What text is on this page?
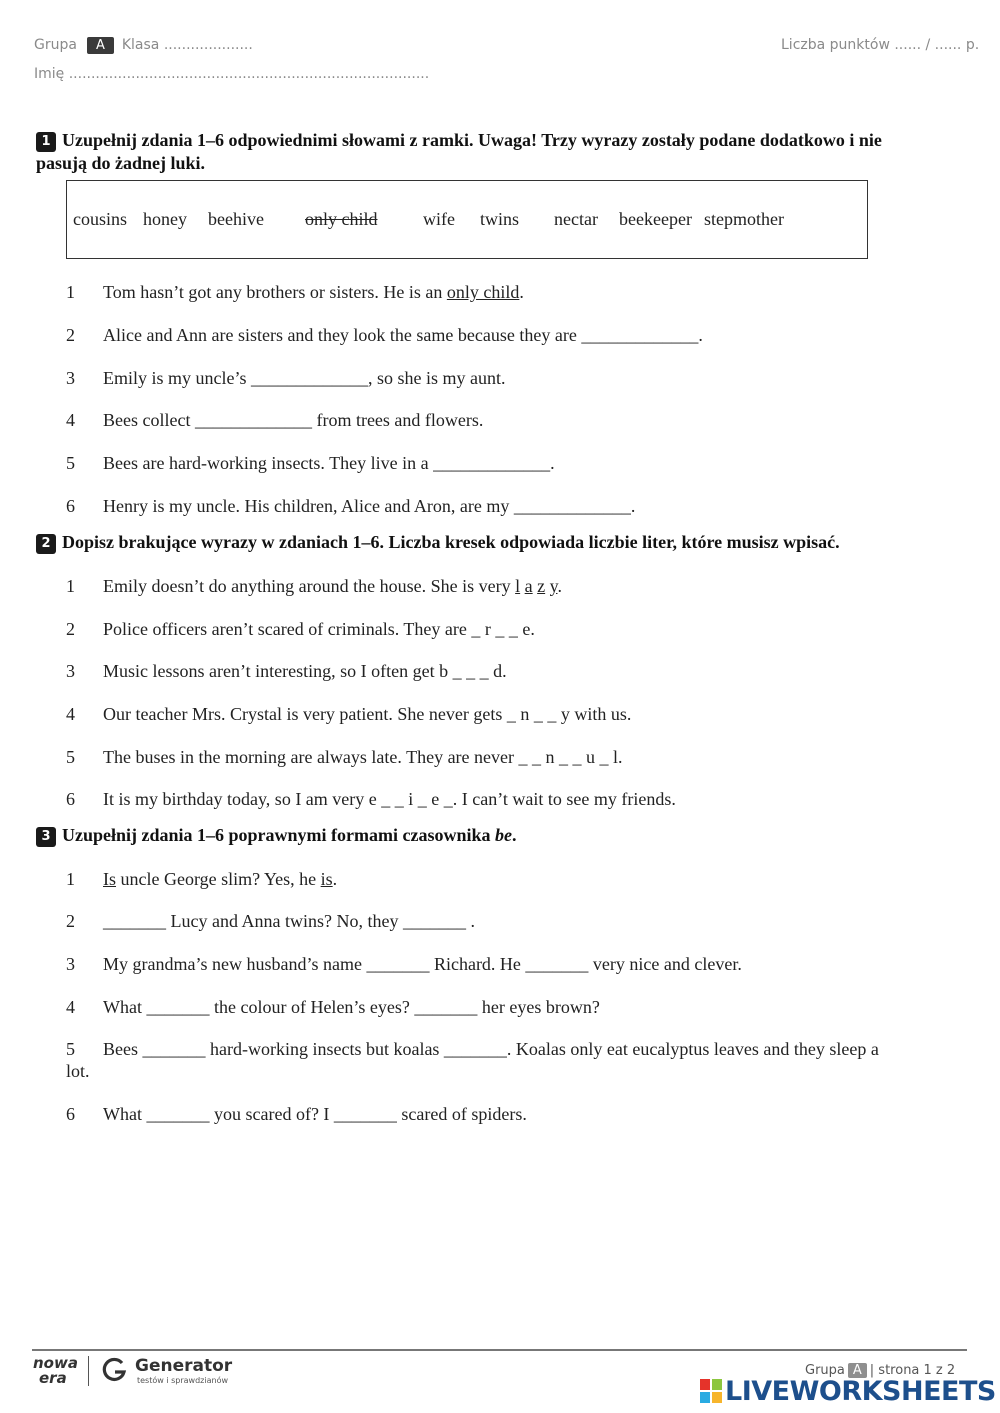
Grupa A Klasa ....................	Liczba punktów ...... / ...... p.
Imię .................................................................................
1 Uzupełnij zdania 1–6 odpowiednimi słowami z ramki. Uwaga! Trzy wyrazy zostały podane dodatkowo i nie pasują do żadnej luki.
cousins honey beehive only child	wife twins nectar beekeeper stepmother
1 Tom hasn’t got any brothers or sisters. He is an only child.
2 Alice and Ann are sisters and they look the same because they are _____________.
3 Emily is my uncle’s _____________, so she is my aunt.
4 Bees collect _____________ from trees and flowers.
5 Bees are hard-working insects. They live in a _____________.
6 Henry is my uncle. His children, Alice and Aron, are my _____________.
2 Dopisz brakujące wyrazy w zdaniach 1–6. Liczba kresek odpowiada liczbie liter, które musisz wpisać.
1 Emily doesn’t do anything around the house. She is very l a z y.
2 Police officers aren’t scared of criminals. They are _ r _ _ e.
3 Music lessons aren’t interesting, so I often get b _ _ _ d.
4 Our teacher Mrs. Crystal is very patient. She never gets _ n _ _ y with us.
5 The buses in the morning are always late. They are never _ _ n _ _ u _ l.
6 It is my birthday today, so I am very e _ _ i _ e _. I can’t wait to see my friends.
3 Uzupełnij zdania 1–6 poprawnymi formami czasownika be.
1 Is uncle George slim? Yes, he is.
2 _______ Lucy and Anna twins? No, they _______ .
3 My grandma’s new husband’s name _______ Richard. He _______ very nice and clever.
4 What _______ the colour of Helen’s eyes? _______ her eyes brown?
5 Bees _______ hard-working insects but koalas _______. Koalas only eat eucalyptus leaves and they sleep a lot.
6 What _______ you scared of? I _______ scared of spiders.
nowa
era
Generator
testów i sprawdzianów
Grupa A | strona 1 z 2
LIVEWORKSHEETS
